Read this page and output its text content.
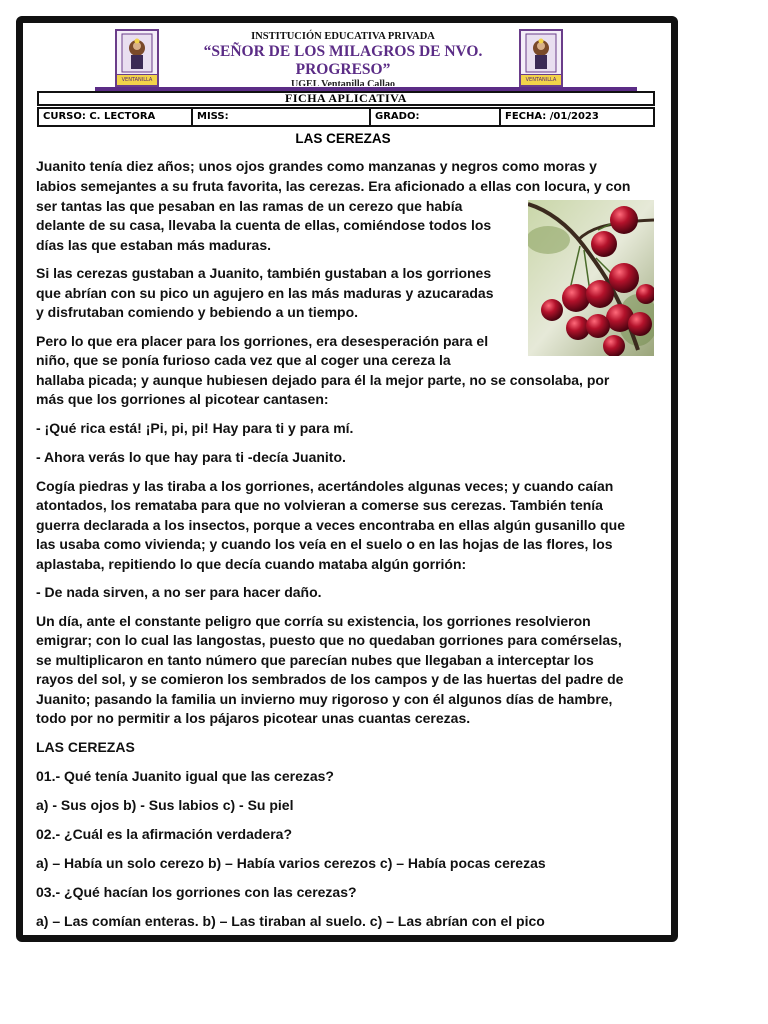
VENTANILLA	VENTANILLA
INSTITUCIÓN EDUCATIVA PRIVADA
“SEÑOR DE LOS MILAGROS DE NVO. PROGRESO”
UGEL Ventanilla Callao
FICHA APLICATIVA
CURSO: C. LECTORA	MISS:	GRADO:	FECHA: /01/2023
LAS CEREZAS

Juanito tenía diez años; unos ojos grandes como manzanas y negros como moras y

labios semejantes a su fruta favorita, las cerezas. Era aficionado a ellas con locura, y con

ser tantas las que pesaban en las ramas de un cerezo que había

delante de su casa, llevaba la cuenta de ellas, comiéndose todos los

días las que estaban más maduras.

Si las cerezas gustaban a Juanito, también gustaban a los gorriones

que abrían con su pico un agujero en las más maduras y azucaradas

y disfrutaban comiendo y bebiendo a un tiempo.

Pero lo que era placer para los gorriones, era desesperación para el

niño, que se ponía furioso cada vez que al coger una cereza la

hallaba picada; y aunque hubiesen dejado para él la mejor parte, no se consolaba, por

más que los gorriones al picotear cantasen:

- ¡Qué rica está! ¡Pi, pi, pi! Hay para ti y para mí.

- Ahora verás lo que hay para ti -decía Juanito.

Cogía piedras y las tiraba a los gorriones, acertándoles algunas veces; y cuando caían

atontados, los remataba para que no volvieran a comerse sus cerezas. También tenía

guerra declarada a los insectos, porque a veces encontraba en ellas algún gusanillo que

las usaba como vivienda; y cuando los veía en el suelo o en las hojas de las flores, los

aplastaba, repitiendo lo que decía cuando mataba algún gorrión:

- De nada sirven, a no ser para hacer daño.

Un día, ante el constante peligro que corría su existencia, los gorriones resolvieron

emigrar; con lo cual las langostas, puesto que no quedaban gorriones para comérselas,

se multiplicaron en tanto número que parecían nubes que llegaban a interceptar los

rayos del sol, y se comieron los sembrados de los campos y de las huertas del padre de

Juanito; pasando la familia un invierno muy rigoroso y con él algunos días de hambre,

todo por no permitir a los pájaros picotear unas cuantas cerezas.

LAS CEREZAS

01.- Qué tenía Juanito igual que las cerezas?

a) - Sus ojos b) - Sus labios c) - Su piel

02.- ¿Cuál es la afirmación verdadera?

a) – Había un solo cerezo b) – Había varios cerezos c) – Había pocas cerezas

03.- ¿Qué hacían los gorriones con las cerezas?

a) – Las comían enteras. b) – Las tiraban al suelo. c) – Las abrían con el pico
